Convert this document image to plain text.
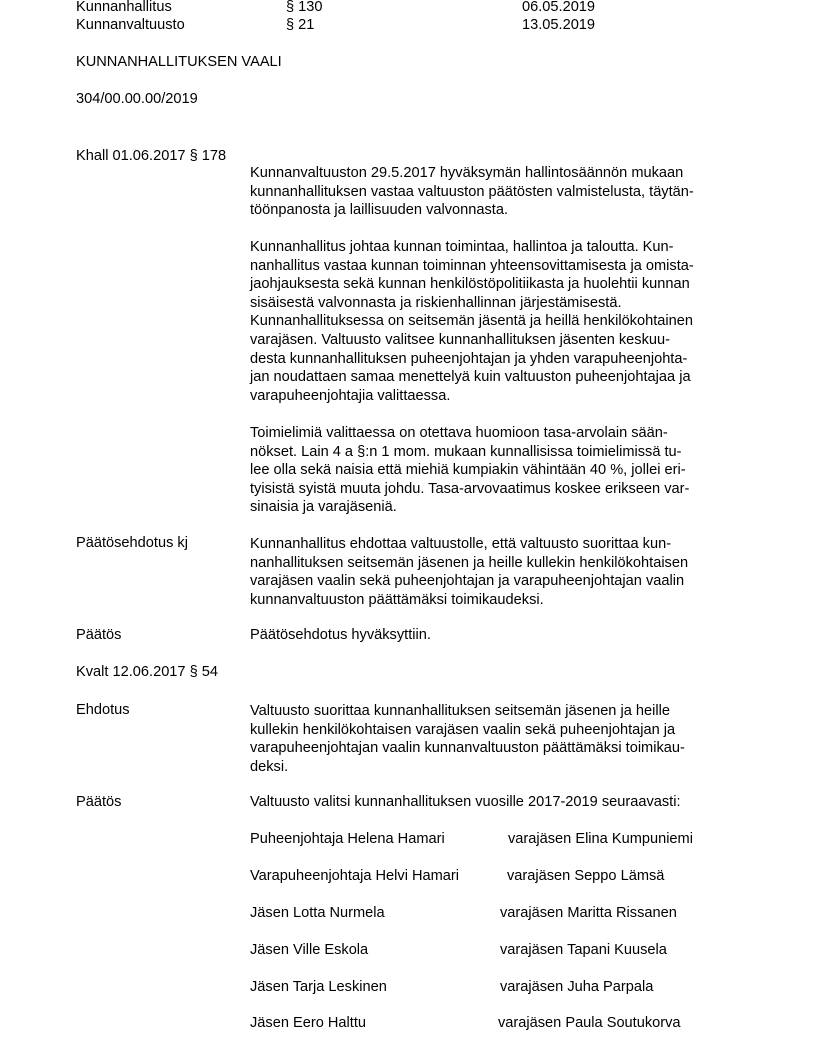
Kunnanhallitus	§ 130	06.05.2019
Kunnanvaltuusto	§ 21	13.05.2019
KUNNANHALLITUKSEN VAALI
304/00.00.00/2019
Khall 01.06.2017 § 178
Kunnanvaltuuston 29.5.2017 hyväksymän hallintosäännön mukaan
kunnanhallituksen vastaa valtuuston päätösten valmistelusta, täytän-
töönpanosta ja laillisuuden valvonnasta.
Kunnanhallitus johtaa kunnan toimintaa, hallintoa ja taloutta. Kun-
nanhallitus vastaa kunnan toiminnan yhteensovittamisesta ja omista-
jaohjauksesta sekä kunnan henkilöstöpolitiikasta ja huolehtii kunnan
sisäisestä valvonnasta ja riskienhallinnan järjestämisestä.
Kunnanhallituksessa on seitsemän jäsentä ja heillä henkilökohtainen
varajäsen. Valtuusto valitsee kunnanhallituksen jäsenten keskuu-
desta kunnanhallituksen puheenjohtajan ja yhden varapuheenjohta-
jan noudattaen samaa menettelyä kuin valtuuston puheenjohtajaa ja
varapuheenjohtajia valittaessa.
Toimielimiä valittaessa on otettava huomioon tasa-arvolain sään-
nökset. Lain 4 a §:n 1 mom. mukaan kunnallisissa toimielimissä tu-
lee olla sekä naisia että miehiä kumpiakin vähintään 40 %, jollei eri-
tyisistä syistä muuta johdu. Tasa-arvovaatimus koskee erikseen var-
sinaisia ja varajäseniä.
Päätösehdotus kj	Kunnanhallitus ehdottaa valtuustolle, että valtuusto suorittaa kun-
nanhallituksen seitsemän jäsenen ja heille kullekin henkilökohtaisen
varajäsen vaalin sekä puheenjohtajan ja varapuheenjohtajan vaalin
kunnanvaltuuston päättämäksi toimikaudeksi.
Päätös	Päätösehdotus hyväksyttiin.
Kvalt 12.06.2017 § 54
Ehdotus	Valtuusto suorittaa kunnanhallituksen seitsemän jäsenen ja heille
kullekin henkilökohtaisen varajäsen vaalin sekä puheenjohtajan ja
varapuheenjohtajan vaalin kunnanvaltuuston päättämäksi toimikau-
deksi.
Päätös	Valtuusto valitsi kunnanhallituksen vuosille 2017-2019 seuraavasti:
Puheenjohtaja Helena Hamari	varajäsen Elina Kumpuniemi
Varapuheenjohtaja Helvi Hamari	varajäsen Seppo Lämsä
Jäsen Lotta Nurmela	varajäsen Maritta Rissanen
Jäsen Ville Eskola	varajäsen Tapani Kuusela
Jäsen Tarja Leskinen	varajäsen Juha Parpala
Jäsen Eero Halttu	varajäsen Paula Soutukorva
